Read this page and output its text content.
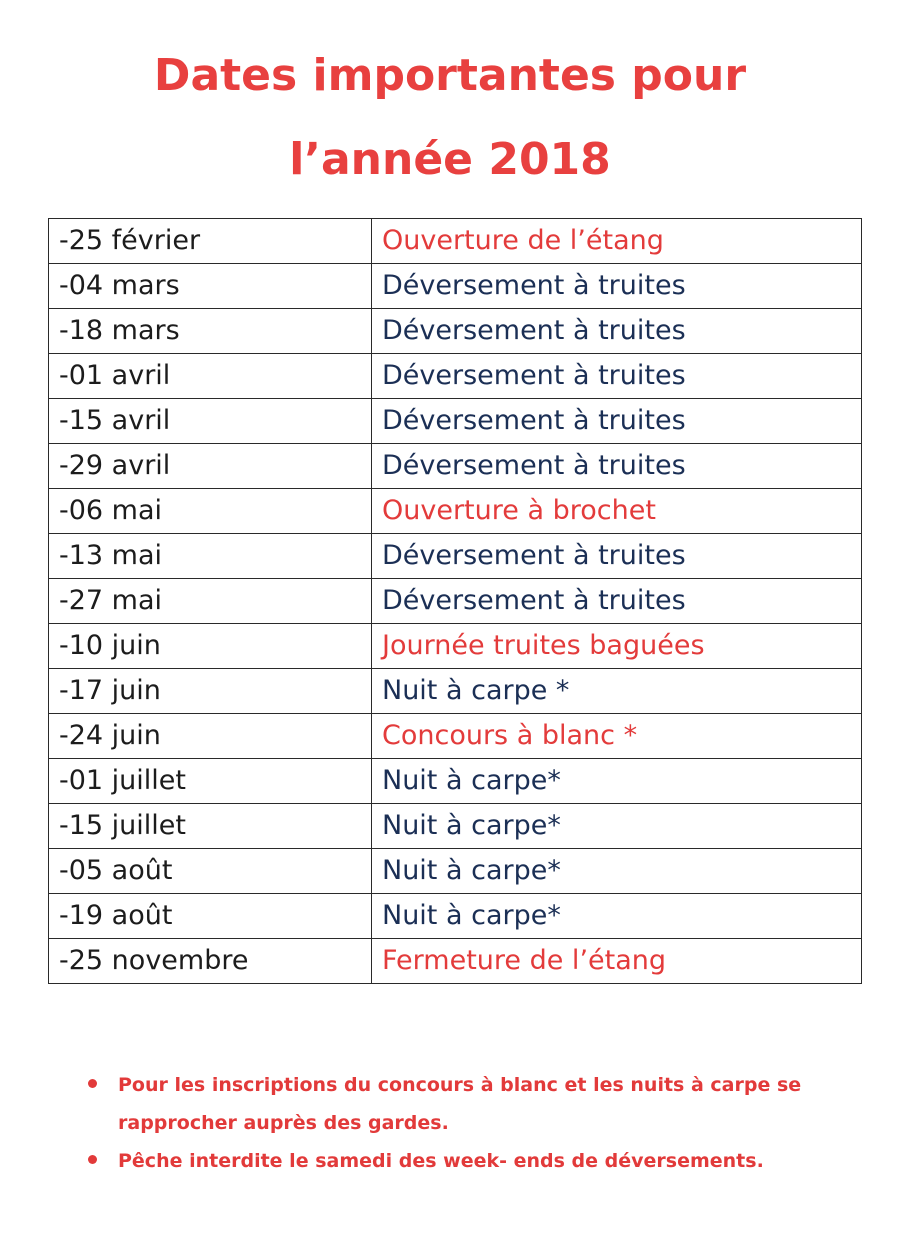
Dates importantes pour
l’année 2018
-25 février	Ouverture de l’étang
-04 mars	Déversement à truites
-18 mars	Déversement à truites
-01 avril	Déversement à truites
-15 avril	Déversement à truites
-29 avril	Déversement à truites
-06 mai	Ouverture à brochet
-13 mai	Déversement à truites
-27 mai	Déversement à truites
-10 juin	Journée truites baguées
-17 juin	Nuit à carpe *
-24 juin	Concours à blanc *
-01 juillet	Nuit à carpe*
-15 juillet	Nuit à carpe*
-05 août	Nuit à carpe*
-19 août	Nuit à carpe*
-25 novembre	Fermeture de l’étang
Pour les inscriptions du concours à blanc et les nuits à carpe se
rapprocher auprès des gardes.
Pêche interdite le samedi des week- ends de déversements.
